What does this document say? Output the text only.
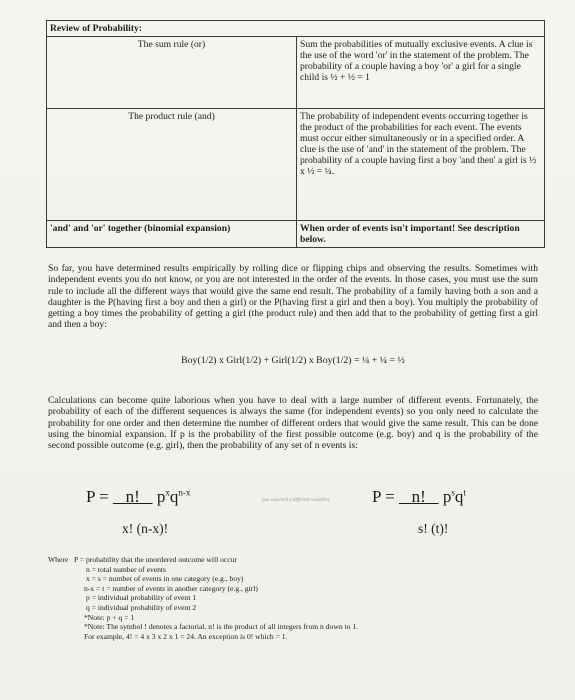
Review of Probability:	
The sum rule (or)	Sum the probabilities of mutually exclusive events. A clue is the use of the word 'or' in the statement of the problem. The probability of a couple having a boy 'or' a girl for a single child is ½ + ½ = 1
The product rule (and)	The probability of independent events occurring together is the product of the probabilities for each event. The events must occur either simultaneously or in a specified order. A clue is the use of 'and' in the statement of the problem. The probability of a couple having first a boy 'and then' a girl is ½ x ½ = ¼.
'and' and 'or' together (binomial expansion)	When order of events isn't important! See description below.
So far, you have determined results empirically by rolling dice or flipping chips and observing the results. Sometimes with independent events you do not know, or you are not interested in the order of the events. In those cases, you must use the sum rule to include all the different ways that would give the same end result. The probability of a family having both a son and a daughter is the P(having first a boy and then a girl) or the P(having first a girl and then a boy). You multiply the probability of getting a boy times the probability of getting a girl (the product rule) and then add that to the probability of getting first a girl and then a boy:
Boy(1/2) x Girl(1/2) + Girl(1/2) x Boy(1/2) = ¼ + ¼ = ½
Calculations can become quite laborious when you have to deal with a large number of different events. Fortunately, the probability of each of the different sequences is always the same (for independent events) so you only need to calculate the probability for one order and then determine the number of different orders that would give the same result. This can be done using the binomial expansion. If p is the probability of the first possible outcome (e.g. boy) and q is the probability of the second possible outcome (e.g. girl), then the probability of any set of n events is:
P = n! $p^xq^{n-x}$
x! (n-x)!
just switched a different variables P = n! $p^sq^t$
s! (t)!
Where P = probability that the unordered outcome will occur
n = total number of events
x = s = number of events in one category (e.g., boy)
n-x = t = number of events in another category (e.g., girl)
p = individual probability of event 1
q = individual probability of event 2
*Note: p + q = 1
*Note: The symbol ! denotes a factorial. n! is the product of all integers from n down to 1.
For example, 4! = 4 x 3 x 2 x 1 = 24. An exception is 0! which = 1.
